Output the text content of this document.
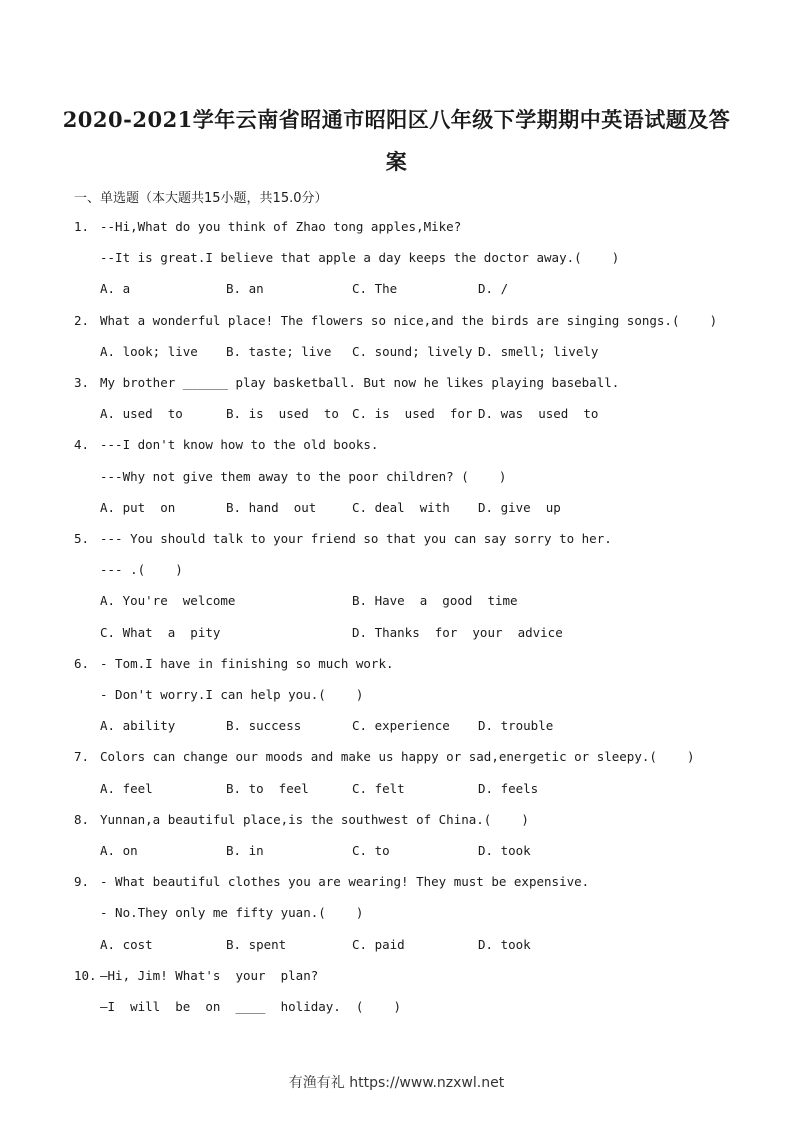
2020-2021学年云南省昭通市昭阳区八年级下学期期中英语试题及答
案
一、单选题（本大题共15小题，共15.0分）
1. --Hi,What do you think of Zhao tong apples,Mike?
--It is great.I believe that apple a day keeps the doctor away.(    )
A. a	B. an	C. The	D. /
2. What a wonderful place! The flowers so nice,and the birds are singing songs.(    )
A. look; live B. taste; live C. sound; lively D. smell; lively
3. My brother ______ play basketball. But now he likes playing baseball.
A. used  to	B. is  used  to C. is  used  for D. was  used  to
4. ---I don't know how to the old books.
---Why not give them away to the poor children? (    )
A. put  on	B. hand  out	C. deal  with D. give  up
5. --- You should talk to your friend so that you can say sorry to her.
--- .(    )
A. You're  welcome	B. Have  a  good  time
C. What  a  pity	D. Thanks  for  your  advice
6. - Tom.I have in finishing so much work.
- Don't worry.I can help you.(    )
A. ability	B. success	C. experience D. trouble
7. Colors can change our moods and make us happy or sad,energetic or sleepy.(    )
A. feel	B. to  feel	C. felt	D. feels
8. Yunnan,a beautiful place,is the southwest of China.(    )
A. on	B. in	C. to	D. took
9. - What beautiful clothes you are wearing! They must be expensive.
- No.They only me fifty yuan.(    )
A. cost	B. spent	C. paid	D. took
10. —Hi, Jim! What's  your  plan?
—I  will  be  on  ____  holiday.  (    )
有渔有礼 https://www.nzxwl.net
